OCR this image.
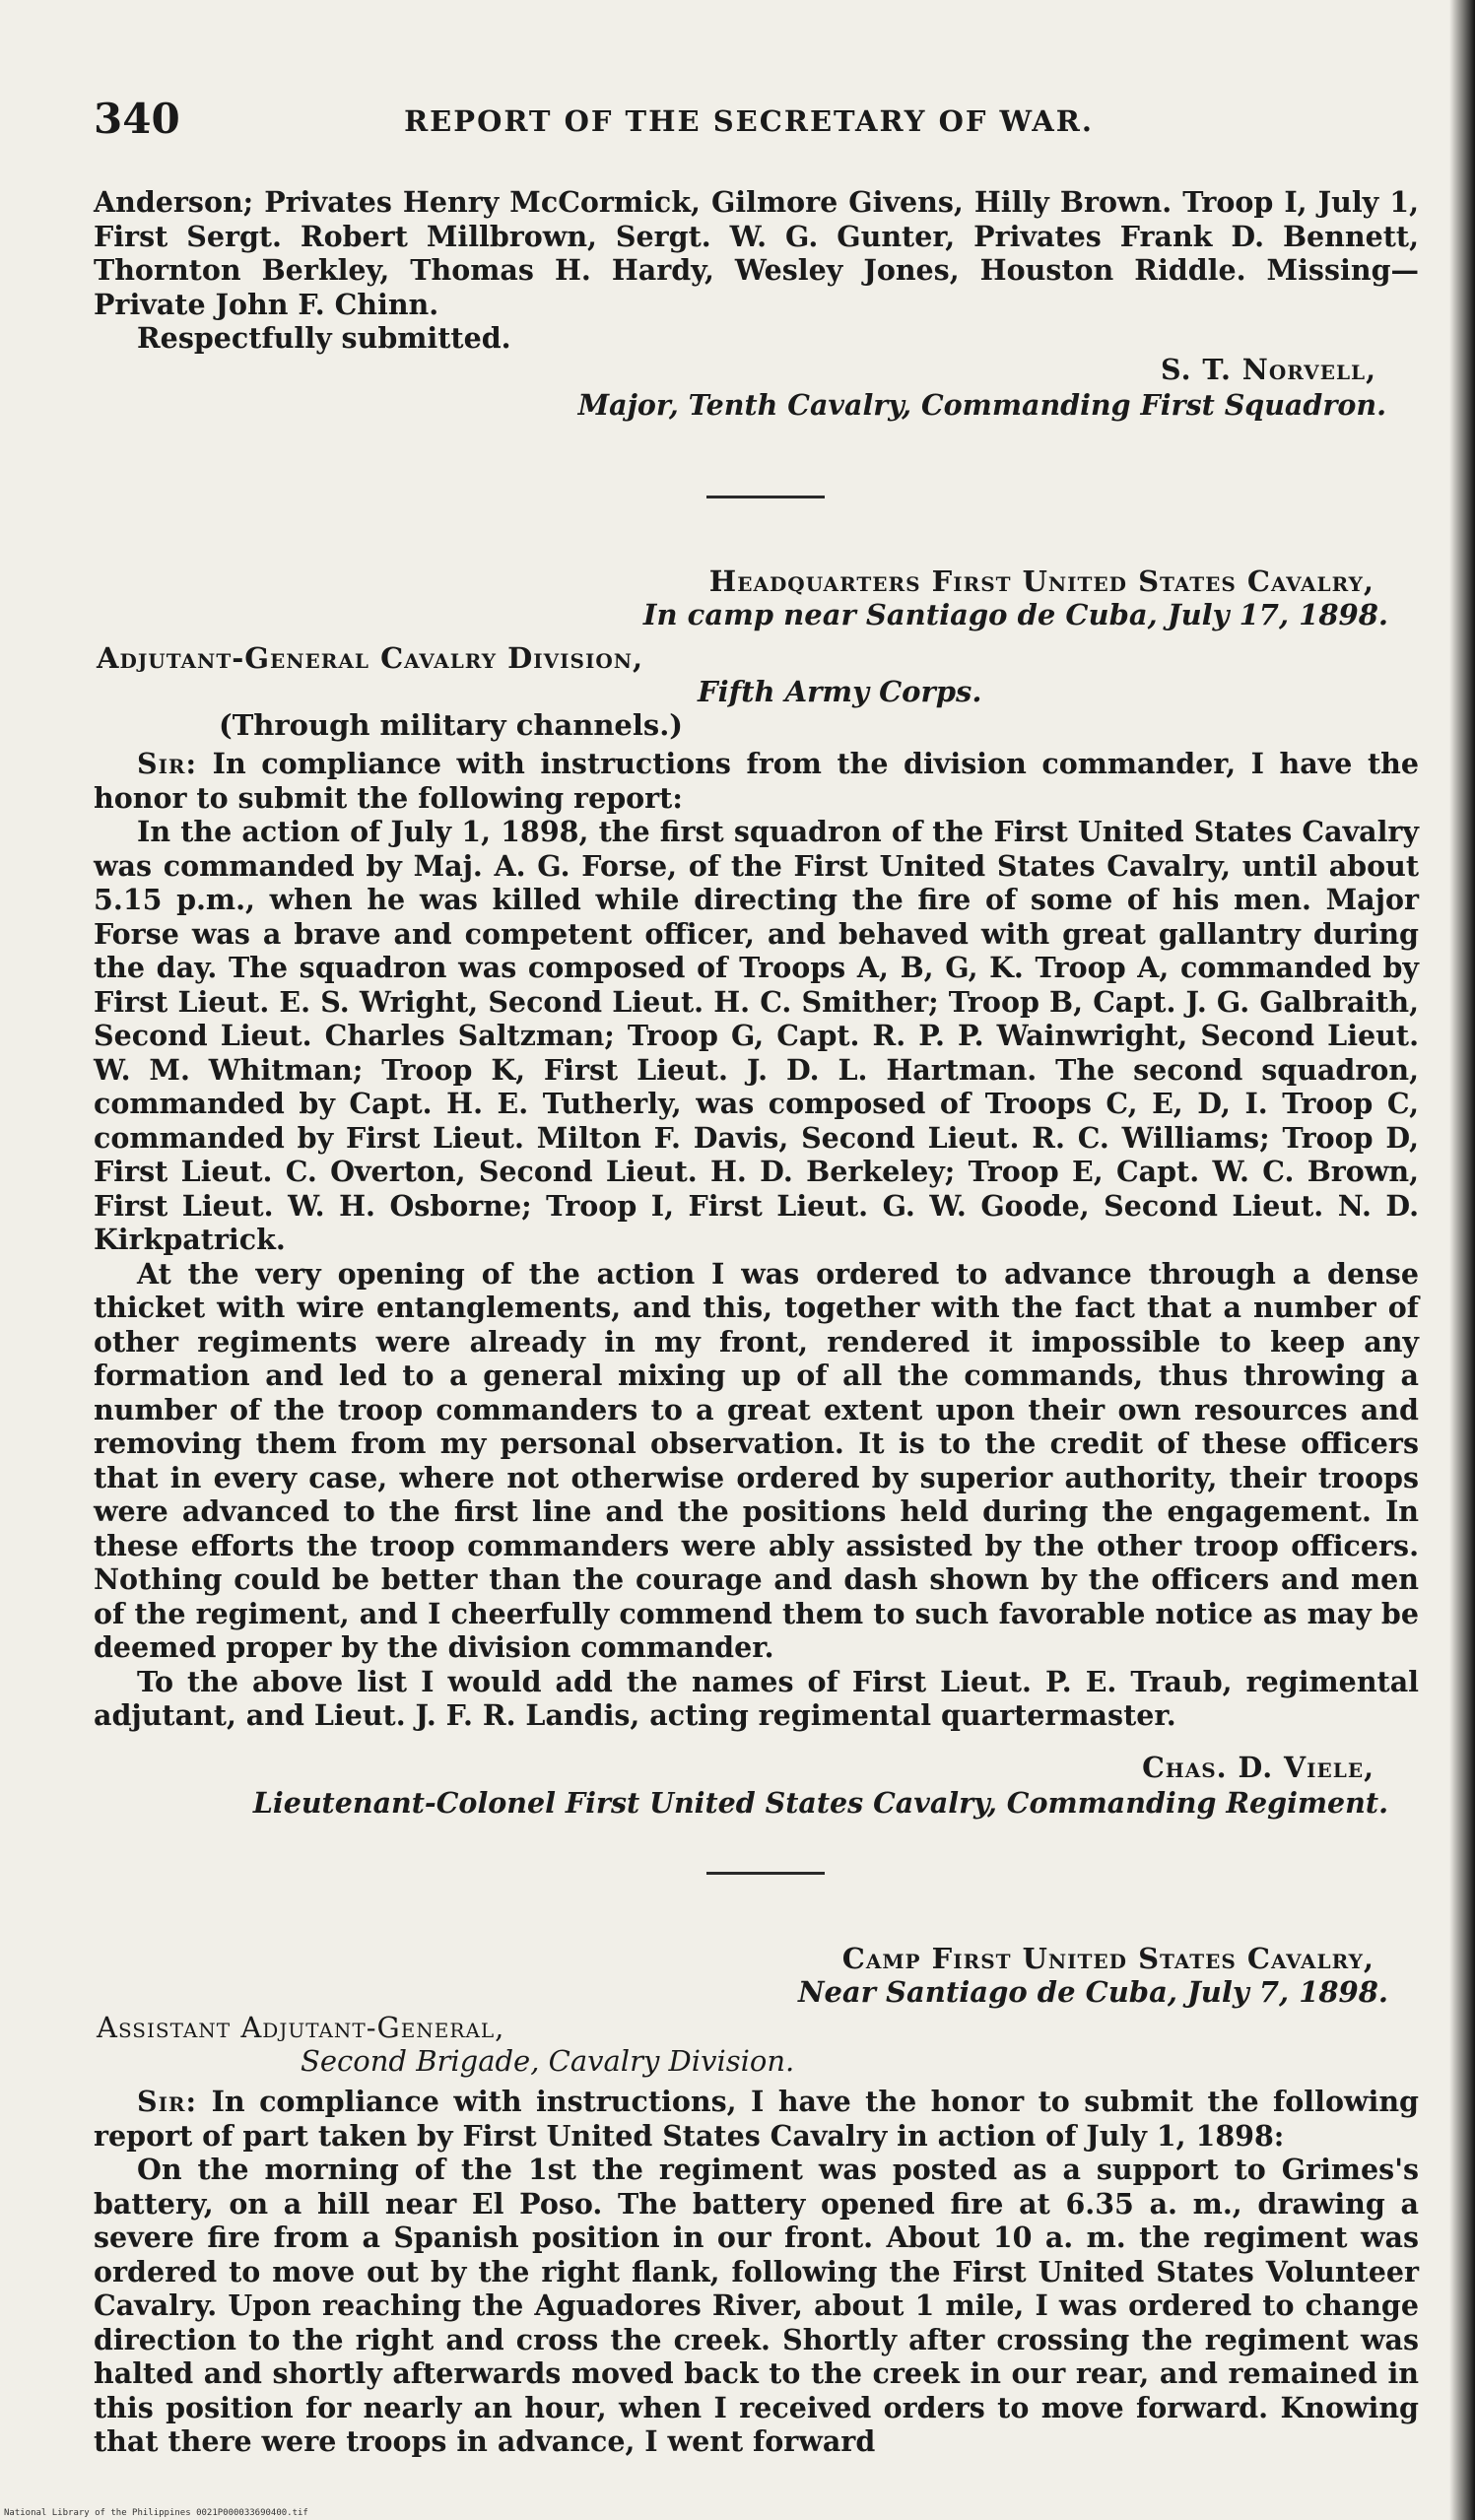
340	REPORT OF THE SECRETARY OF WAR.

Anderson; Privates Henry McCormick, Gilmore Givens, Hilly Brown. Troop I, July 1, First Sergt. Robert Millbrown, Sergt. W. G. Gunter, Privates Frank D. Bennett, Thornton Berkley, Thomas H. Hardy, Wesley Jones, Houston Riddle. Missing—Private John F. Chinn.

Respectfully submitted.

S. T. Norvell,
Major, Tenth Cavalry, Commanding First Squadron.
Headquarters First United States Cavalry,
In camp near Santiago de Cuba, July 17, 1898.
Adjutant-General Cavalry Division,
Fifth Army Corps.
(Through military channels.)

Sir: In compliance with instructions from the division commander, I have the honor to submit the following report:

In the action of July 1, 1898, the first squadron of the First United States Cavalry was commanded by Maj. A. G. Forse, of the First United States Cavalry, until about 5.15 p.m., when he was killed while directing the fire of some of his men. Major Forse was a brave and competent officer, and behaved with great gallantry during the day. The squadron was composed of Troops A, B, G, K. Troop A, commanded by First Lieut. E. S. Wright, Second Lieut. H. C. Smither; Troop B, Capt. J. G. Galbraith, Second Lieut. Charles Saltzman; Troop G, Capt. R. P. P. Wainwright, Second Lieut. W. M. Whitman; Troop K, First Lieut. J. D. L. Hartman. The second squadron, commanded by Capt. H. E. Tutherly, was composed of Troops C, E, D, I. Troop C, commanded by First Lieut. Milton F. Davis, Second Lieut. R. C. Williams; Troop D, First Lieut. C. Overton, Second Lieut. H. D. Berkeley; Troop E, Capt. W. C. Brown, First Lieut. W. H. Osborne; Troop I, First Lieut. G. W. Goode, Second Lieut. N. D. Kirkpatrick.

At the very opening of the action I was ordered to advance through a dense thicket with wire entanglements, and this, together with the fact that a number of other regiments were already in my front, rendered it impossible to keep any formation and led to a general mixing up of all the commands, thus throwing a number of the troop commanders to a great extent upon their own resources and removing them from my personal observation. It is to the credit of these officers that in every case, where not otherwise ordered by superior authority, their troops were advanced to the first line and the positions held during the engagement. In these efforts the troop commanders were ably assisted by the other troop officers. Nothing could be better than the courage and dash shown by the officers and men of the regiment, and I cheerfully commend them to such favorable notice as may be deemed proper by the division commander.

To the above list I would add the names of First Lieut. P. E. Traub, regimental adjutant, and Lieut. J. F. R. Landis, acting regimental quartermaster.

Chas. D. Viele,
Lieutenant-Colonel First United States Cavalry, Commanding Regiment.
Camp First United States Cavalry,
Near Santiago de Cuba, July 7, 1898.
Assistant Adjutant-General,
Second Brigade, Cavalry Division.

Sir: In compliance with instructions, I have the honor to submit the following report of part taken by First United States Cavalry in action of July 1, 1898:

On the morning of the 1st the regiment was posted as a support to Grimes's battery, on a hill near El Poso. The battery opened fire at 6.35 a. m., drawing a severe fire from a Spanish position in our front. About 10 a. m. the regiment was ordered to move out by the right flank, following the First United States Volunteer Cavalry. Upon reaching the Aguadores River, about 1 mile, I was ordered to change direction to the right and cross the creek. Shortly after crossing the regiment was halted and shortly afterwards moved back to the creek in our rear, and remained in this position for nearly an hour, when I received orders to move forward. Knowing that there were troops in advance, I went forward

National Library of the Philippines 0021P000033690400.tif
